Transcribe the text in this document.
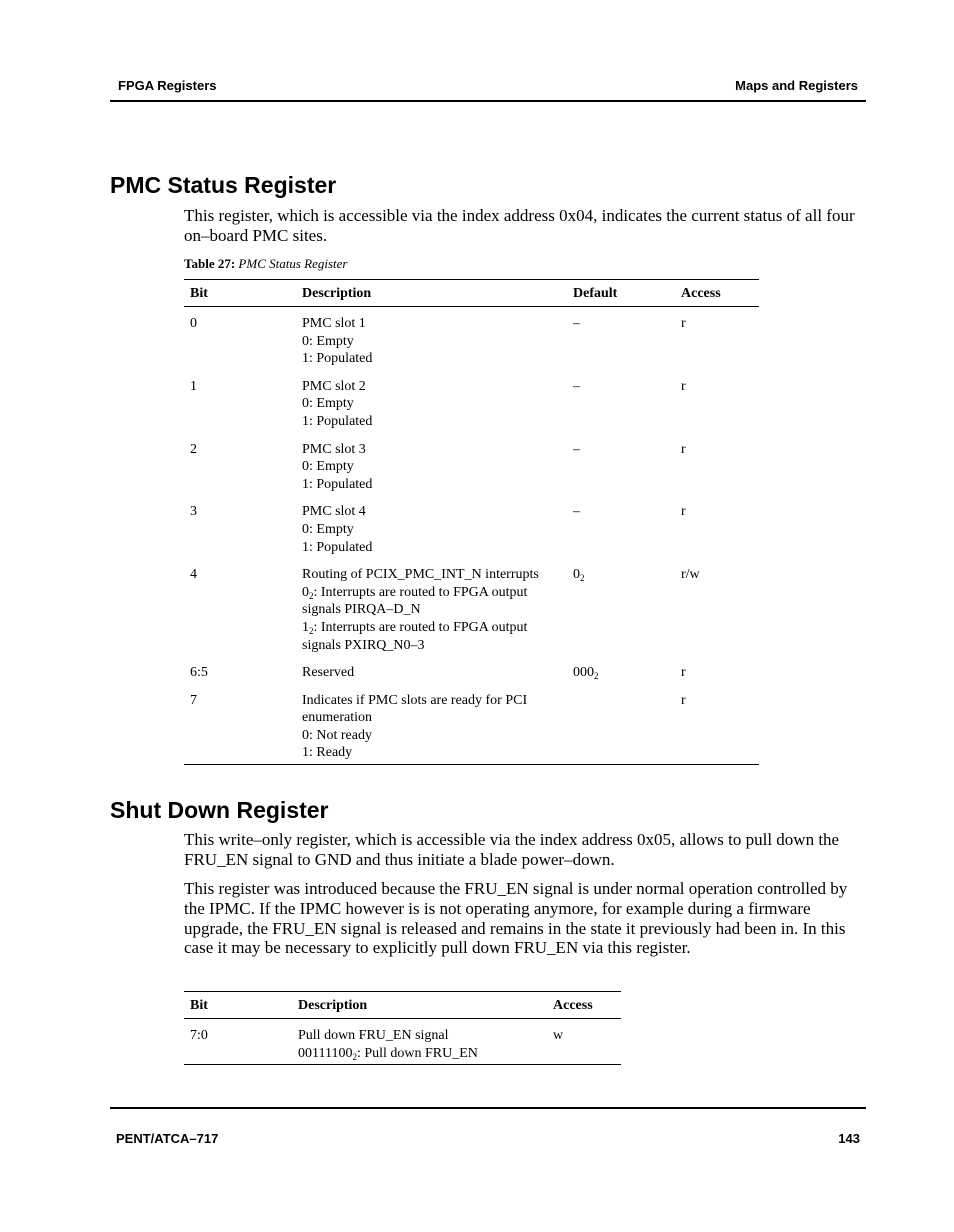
FPGA Registers	Maps and Registers
PMC Status Register

This register, which is accessible via the index address 0x04, indicates the current status of all four on–board PMC sites.

Table 27: PMC Status Register
Bit	Description	Default	Access
0	PMC slot 1
0: Empty
1: Populated	–	r
1	PMC slot 2
0: Empty
1: Populated	–	r
2	PMC slot 3
0: Empty
1: Populated	–	r
3	PMC slot 4
0: Empty
1: Populated	–	r
4	Routing of PCIX_PMC_INT_N interrupts
$0_2$: Interrupts are routed to FPGA output signals PIRQA–D_N
$1_2$: Interrupts are routed to FPGA output signals PXIRQ_N0–3	$0_2$	r/w
6:5	Reserved	$000_2$	r
7	Indicates if PMC slots are ready for PCI enumeration
0: Not ready
1: Ready		r
Shut Down Register

This write–only register, which is accessible via the index address 0x05, allows to pull down the FRU_EN signal to GND and thus initiate a blade power–down.

This register was introduced because the FRU_EN signal is under normal operation controlled by the IPMC. If the IPMC however is is not operating anymore, for example during a firmware upgrade, the FRU_EN signal is released and remains in the state it previously had been in. In this case it may be necessary to explicitly pull down FRU_EN via this register.

Bit	Description	Access
7:0	Pull down FRU_EN signal
$00111100_2$: Pull down FRU_EN	w
PENT/ATCA–717	143
